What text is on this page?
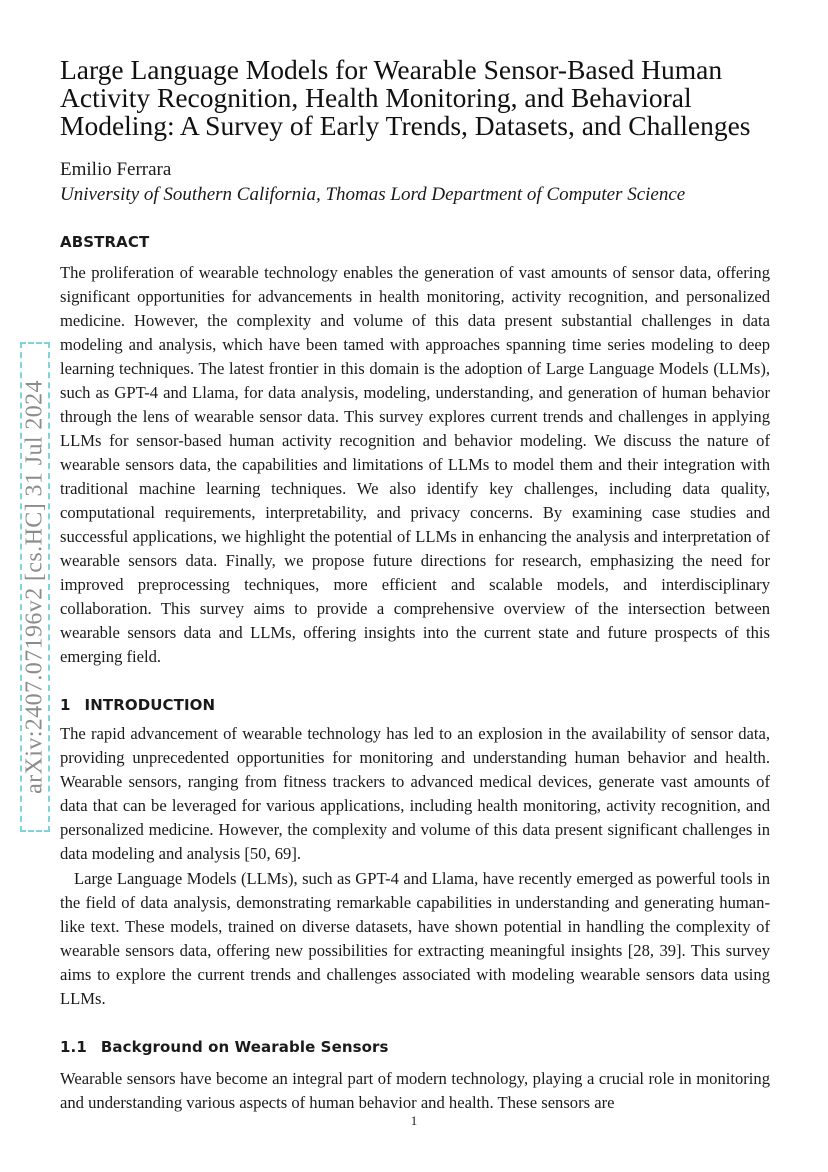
arXiv:2407.07196v2 [cs.HC] 31 Jul 2024
Large Language Models for Wearable Sensor-Based Human Activity Recognition, Health Monitoring, and Behavioral Modeling: A Survey of Early Trends, Datasets, and Challenges
Emilio Ferrara
University of Southern California, Thomas Lord Department of Computer Science
ABSTRACT

The proliferation of wearable technology enables the generation of vast amounts of sensor data, offering significant opportunities for advancements in health monitoring, activity recognition, and personalized medicine. However, the complexity and volume of this data present substantial challenges in data modeling and analysis, which have been tamed with approaches spanning time series modeling to deep learning techniques. The latest frontier in this domain is the adoption of Large Language Models (LLMs), such as GPT-4 and Llama, for data analysis, modeling, understanding, and generation of human behavior through the lens of wearable sensor data. This survey explores current trends and challenges in applying LLMs for sensor-based human activity recognition and behavior modeling. We discuss the nature of wearable sensors data, the capabilities and limitations of LLMs to model them and their integration with traditional machine learning techniques. We also identify key challenges, including data quality, computational requirements, interpretability, and privacy concerns. By examining case studies and successful applications, we highlight the potential of LLMs in enhancing the analysis and interpretation of wearable sensors data. Finally, we propose future directions for research, emphasizing the need for improved preprocessing techniques, more efficient and scalable models, and interdisciplinary collaboration. This survey aims to provide a comprehensive overview of the intersection between wearable sensors data and LLMs, offering insights into the current state and future prospects of this emerging field.

1 INTRODUCTION

The rapid advancement of wearable technology has led to an explosion in the availability of sensor data, providing unprecedented opportunities for monitoring and understanding human behavior and health. Wearable sensors, ranging from fitness trackers to advanced medical devices, generate vast amounts of data that can be leveraged for various applications, including health monitoring, activity recognition, and personalized medicine. However, the complexity and volume of this data present significant challenges in data modeling and analysis [50, 69].

Large Language Models (LLMs), such as GPT-4 and Llama, have recently emerged as powerful tools in the field of data analysis, demonstrating remarkable capabilities in understanding and generating human-like text. These models, trained on diverse datasets, have shown potential in handling the complexity of wearable sensors data, offering new possibilities for extracting meaningful insights [28, 39]. This survey aims to explore the current trends and challenges associated with modeling wearable sensors data using LLMs.

1.1 Background on Wearable Sensors

Wearable sensors have become an integral part of modern technology, playing a crucial role in monitoring and understanding various aspects of human behavior and health. These sensors are

1
